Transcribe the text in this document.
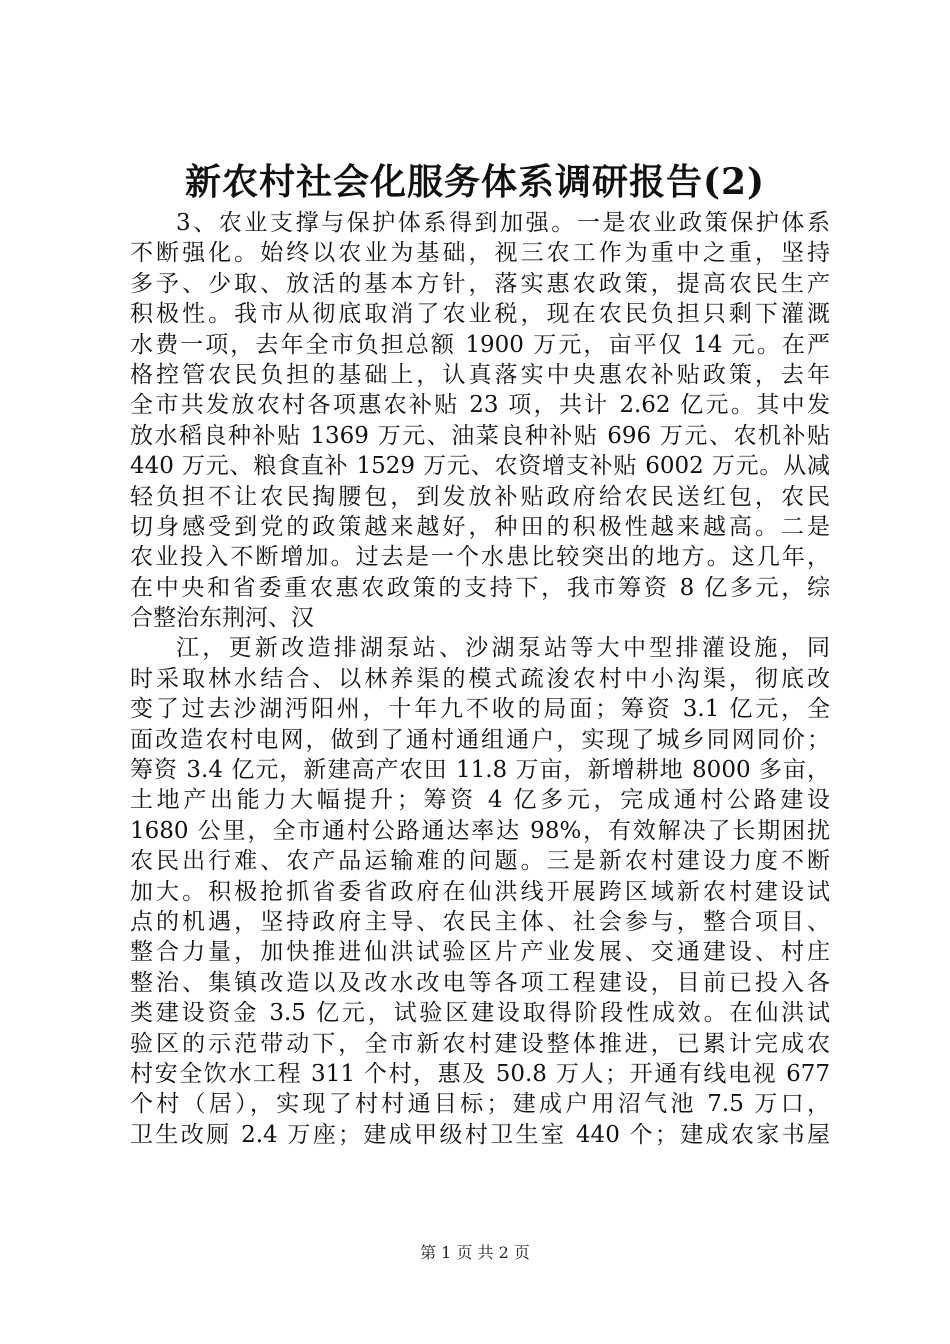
新农村社会化服务体系调研报告(2)
3、农业支撑与保护体系得到加强。一是农业政策保护体系
不断强化。始终以农业为基础，视三农工作为重中之重，坚持
多予、少取、放活的基本方针，落实惠农政策，提高农民生产
积极性。我市从彻底取消了农业税，现在农民负担只剩下灌溉
水费一项，去年全市负担总额 1900 万元，亩平仅 14 元。在严
格控管农民负担的基础上，认真落实中央惠农补贴政策，去年
全市共发放农村各项惠农补贴 23 项，共计 2.62 亿元。其中发
放水稻良种补贴 1369 万元、油菜良种补贴 696 万元、农机补贴
440 万元、粮食直补 1529 万元、农资增支补贴 6002 万元。从减
轻负担不让农民掏腰包，到发放补贴政府给农民送红包，农民
切身感受到党的政策越来越好，种田的积极性越来越高。二是
农业投入不断增加。过去是一个水患比较突出的地方。这几年，
在中央和省委重农惠农政策的支持下，我市筹资 8 亿多元，综
合整治东荆河、汉
江，更新改造排湖泵站、沙湖泵站等大中型排灌设施，同
时采取林水结合、以林养渠的模式疏浚农村中小沟渠，彻底改
变了过去沙湖沔阳州，十年九不收的局面；筹资 3.1 亿元，全
面改造农村电网，做到了通村通组通户，实现了城乡同网同价；
筹资 3.4 亿元，新建高产农田 11.8 万亩，新增耕地 8000 多亩，
土地产出能力大幅提升；筹资 4 亿多元，完成通村公路建设
1680 公里，全市通村公路通达率达 98%，有效解决了长期困扰
农民出行难、农产品运输难的问题。三是新农村建设力度不断
加大。积极抢抓省委省政府在仙洪线开展跨区域新农村建设试
点的机遇，坚持政府主导、农民主体、社会参与，整合项目、
整合力量，加快推进仙洪试验区片产业发展、交通建设、村庄
整治、集镇改造以及改水改电等各项工程建设，目前已投入各
类建设资金 3.5 亿元，试验区建设取得阶段性成效。在仙洪试
验区的示范带动下，全市新农村建设整体推进，已累计完成农
村安全饮水工程 311 个村，惠及 50.8 万人；开通有线电视 677
个村（居），实现了村村通目标；建成户用沼气池 7.5 万口，
卫生改厕 2.4 万座；建成甲级村卫生室 440 个；建成农家书屋
第 1 页 共 2 页
